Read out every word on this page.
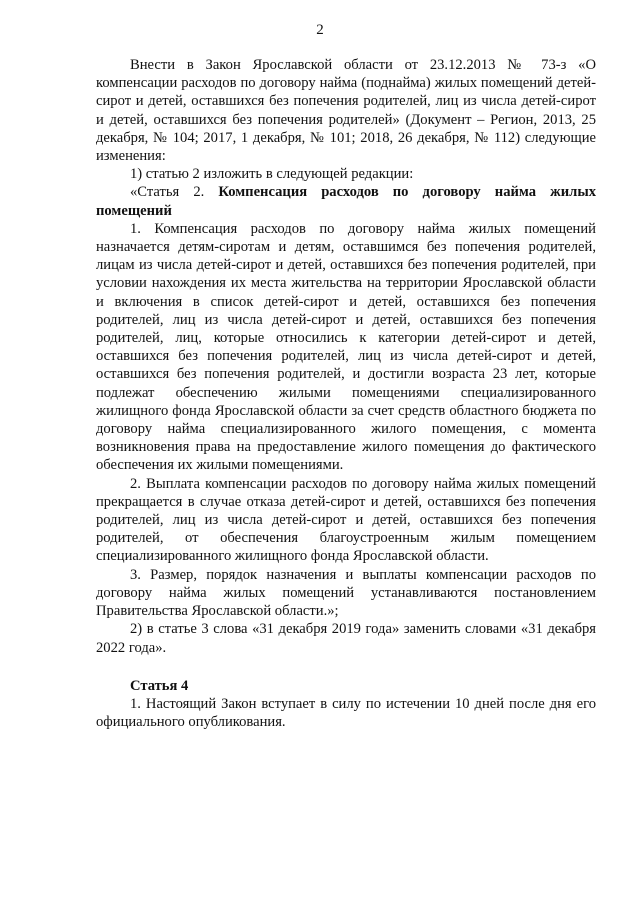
2

Внести в Закон Ярославской области от 23.12.2013 № 73-з «О компенсации расходов по договору найма (поднайма) жилых помещений детей-сирот и детей, оставшихся без попечения родителей, лиц из числа детей-сирот и детей, оставшихся без попечения родителей» (Документ – Регион, 2013, 25 декабря, № 104; 2017, 1 декабря, № 101; 2018, 26 декабря, № 112) следующие изменения:

1) статью 2 изложить в следующей редакции:

«Статья 2. Компенсация расходов по договору найма жилых помещений

1. Компенсация расходов по договору найма жилых помещений назначается детям-сиротам и детям, оставшимся без попечения родителей, лицам из числа детей-сирот и детей, оставшихся без попечения родителей, при условии нахождения их места жительства на территории Ярославской области и включения в список детей-сирот и детей, оставшихся без попечения родителей, лиц из числа детей-сирот и детей, оставшихся без попечения родителей, лиц, которые относились к категории детей-сирот и детей, оставшихся без попечения родителей, лиц из числа детей-сирот и детей, оставшихся без попечения родителей, и достигли возраста 23 лет, которые подлежат обеспечению жилыми помещениями специализированного жилищного фонда Ярославской области за счет средств областного бюджета по договору найма специализированного жилого помещения, с момента возникновения права на предоставление жилого помещения до фактического обеспечения их жилыми помещениями.

2. Выплата компенсации расходов по договору найма жилых помещений прекращается в случае отказа детей-сирот и детей, оставшихся без попечения родителей, лиц из числа детей-сирот и детей, оставшихся без попечения родителей, от обеспечения благоустроенным жилым помещением специализированного жилищного фонда Ярославской области.

3. Размер, порядок назначения и выплаты компенсации расходов по договору найма жилых помещений устанавливаются постановлением Правительства Ярославской области.»;

2) в статье 3 слова «31 декабря 2019 года» заменить словами «31 декабря 2022 года».

Статья 4

1. Настоящий Закон вступает в силу по истечении 10 дней после дня его официального опубликования.
